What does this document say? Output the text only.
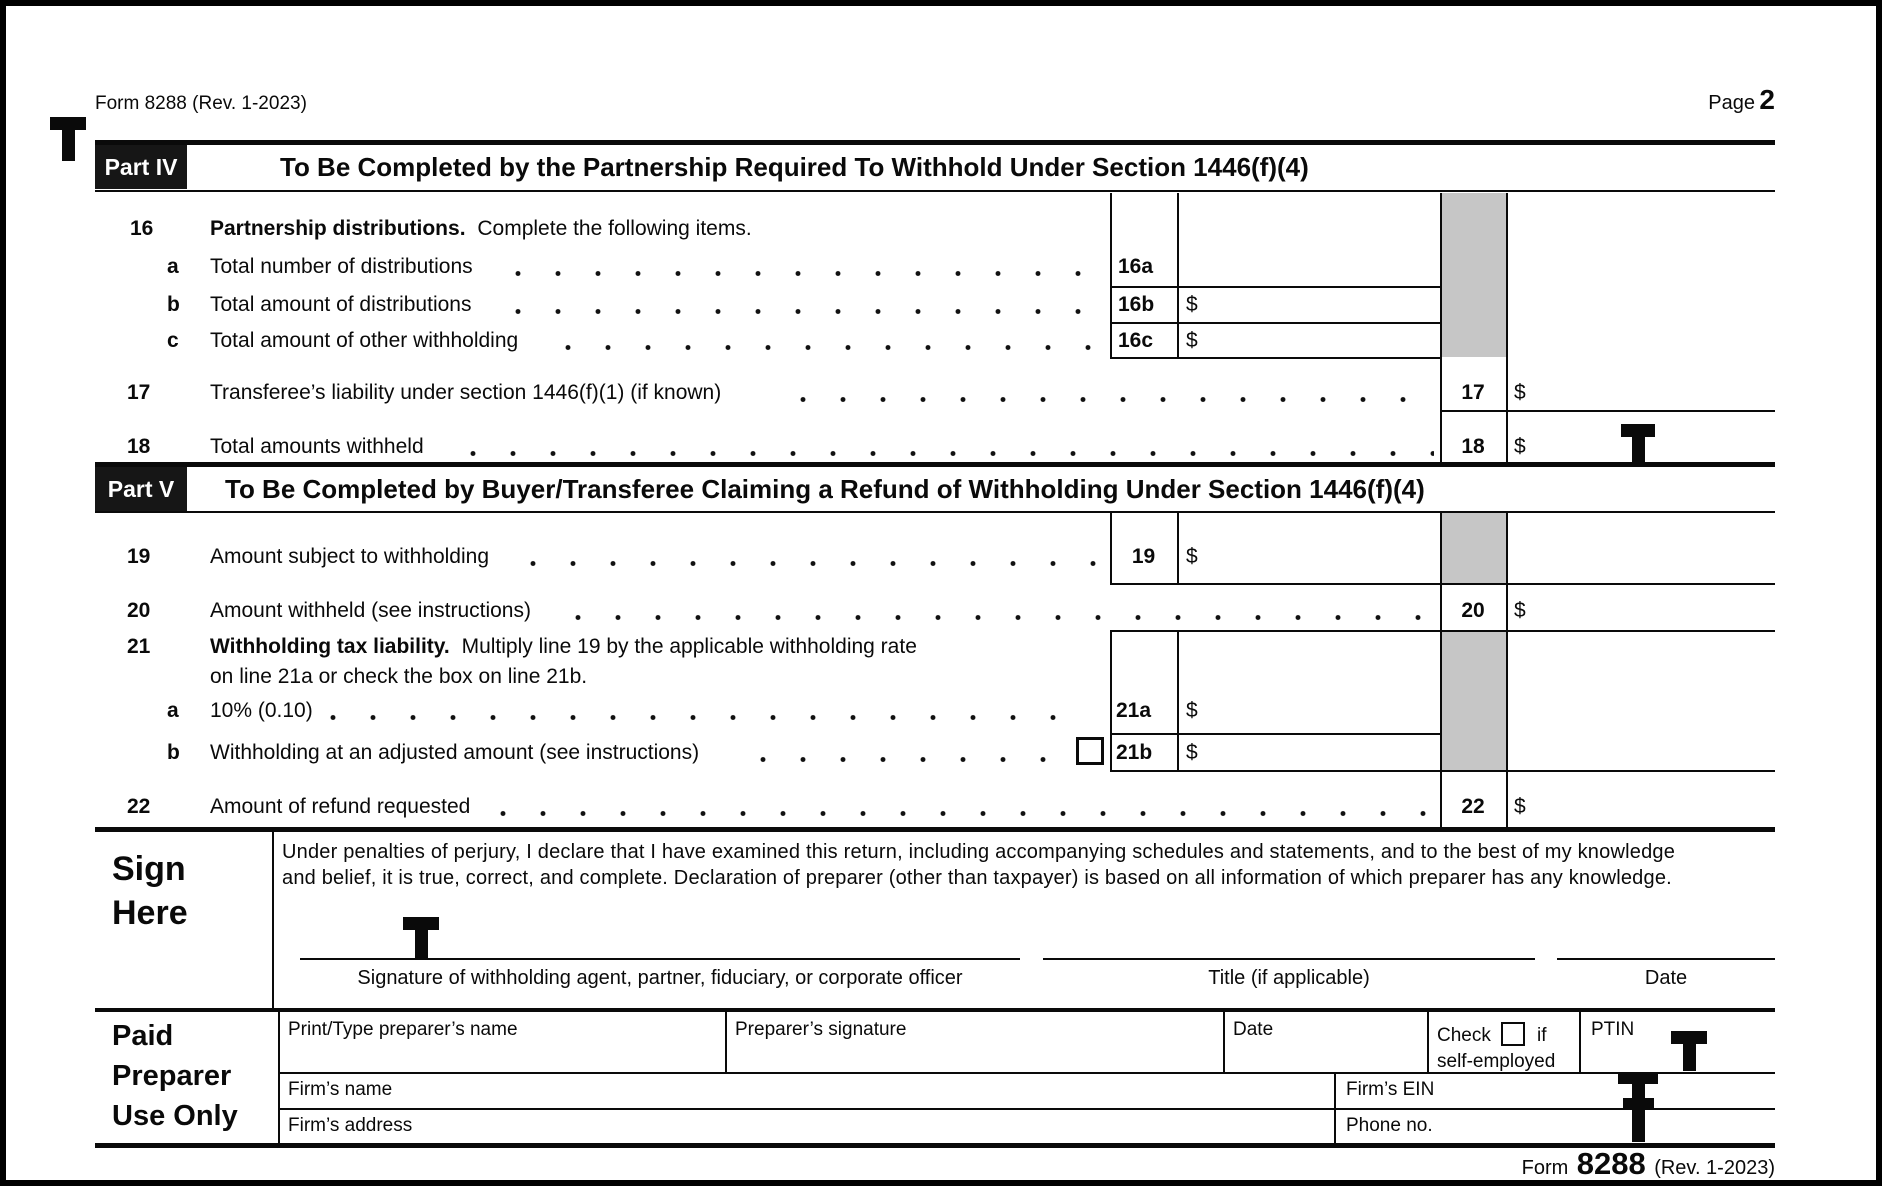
Form 8288 (Rev. 1-2023)	Page 2
Part IV	To Be Completed by the Partnership Required To Withhold Under Section 1446(f)(4)
16	Partnership distributions. Complete the following items.
a Total number of distributions	16a
b Total amount of distributions	16b $
c Total amount of other withholding	16c $
17	Transferee’s liability under section 1446(f)(1) (if known)	17	$
18	Total amounts withheld	18	$
Part V	To Be Completed by Buyer/Transferee Claiming a Refund of Withholding Under Section 1446(f)(4)
19	Amount subject to withholding	19	$
20	Amount withheld (see instructions)	20	$
21	Withholding tax liability. Multiply line 19 by the applicable withholding rate
on line 21a or check the box on line 21b.
a 10% (0.10)	21a $
b Withholding at an adjusted amount (see instructions)	21b $
22	Amount of refund requested	22	$
Sign
Here
Under penalties of perjury, I declare that I have examined this return, including accompanying schedules and statements, and to the best of my knowledge
and belief, it is true, correct, and complete. Declaration of preparer (other than taxpayer) is based on all information of which preparer has any knowledge.
Signature of withholding agent, partner, fiduciary, or corporate officer	Title (if applicable)	Date
Paid
Preparer
Use Only
Print/Type preparer’s name	Preparer’s signature	Date	Check if
self-employed
PTIN
Firm’s name	Firm’s EIN
Firm’s address	Phone no.
Form 8288 (Rev. 1-2023)
